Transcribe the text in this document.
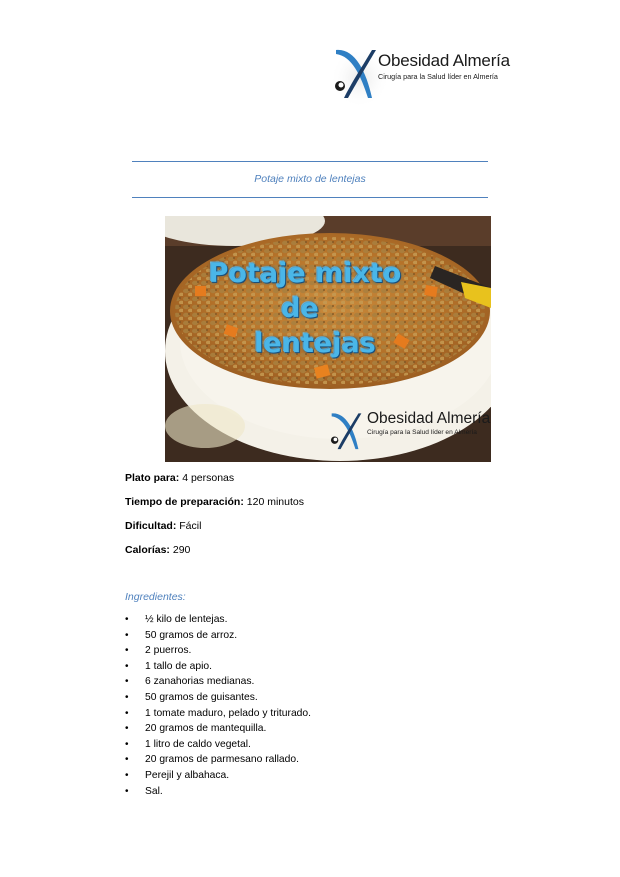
Obesidad Almería
Cirugía para la Salud líder en Almería
Potaje mixto de lentejas
Potaje mixto
de
lentejas
Obesidad Almería
Cirugía para la Salud líder en Almería
Plato para: 4 personas
Tiempo de preparación: 120 minutos
Dificultad: Fácil
Calorías: 290
Ingredientes:
• ½ kilo de lentejas.
• 50 gramos de arroz.
• 2 puerros.
• 1 tallo de apio.
• 6 zanahorias medianas.
• 50 gramos de guisantes.
• 1 tomate maduro, pelado y triturado.
• 20 gramos de mantequilla.
• 1 litro de caldo vegetal.
• 20 gramos de parmesano rallado.
• Perejil y albahaca.
• Sal.
